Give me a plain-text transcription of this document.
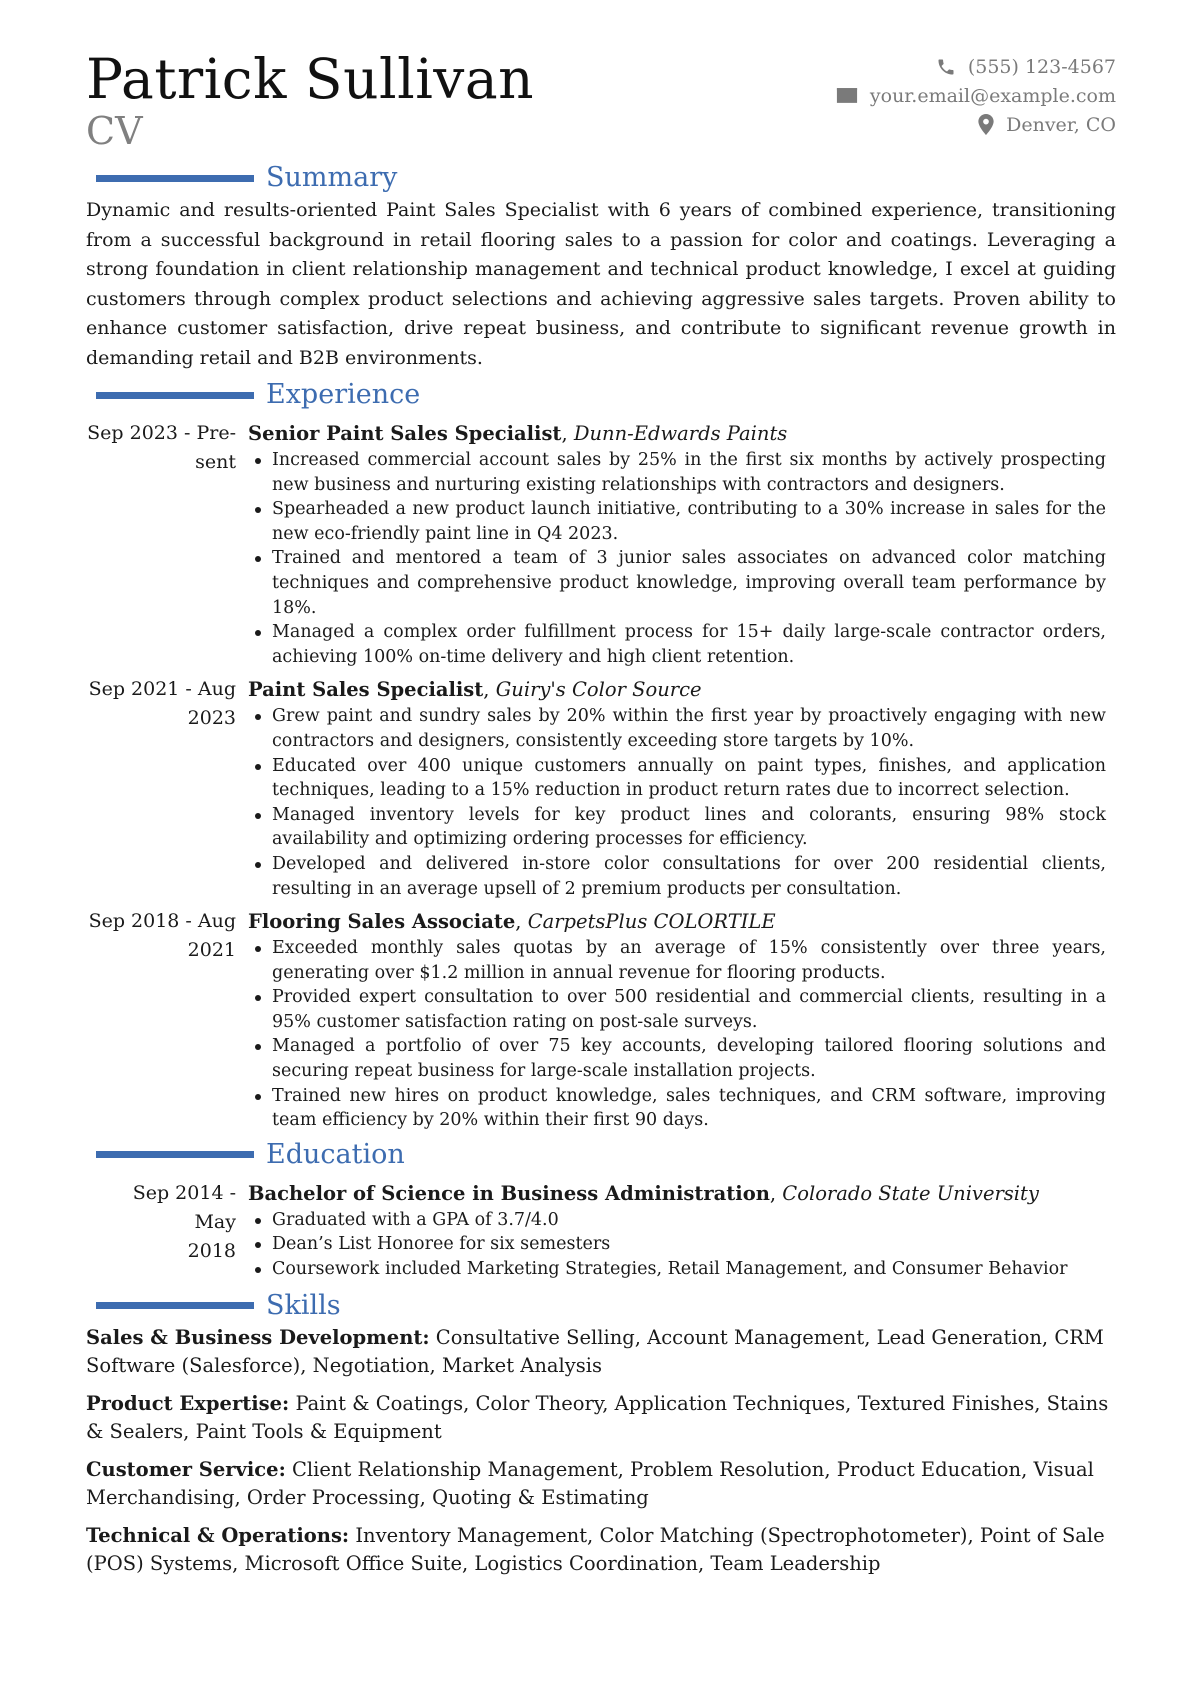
Patrick Sullivan
CV
(555) 123-4567
your.email@example.com
Denver, CO
Summary

Dynamic and results-oriented Paint Sales Specialist with 6 years of combined experience, transitioning from a successful background in retail flooring sales to a passion for color and coatings. Leveraging a strong foundation in client relationship management and technical product knowledge, I excel at guiding customers through complex product selections and achieving aggressive sales targets. Proven ability to enhance customer satisfaction, drive repeat business, and contribute to significant revenue growth in demanding retail and B2B environments.

Experience
Sep 2023 - Pre-
sent
Senior Paint Sales Specialist, Dunn-Edwards Paints
Increased commercial account sales by 25% in the first six months by actively prospecting new business and nurturing existing relationships with contractors and designers.
Spearheaded a new product launch initiative, contributing to a 30% increase in sales for the new eco-friendly paint line in Q4 2023.
Trained and mentored a team of 3 junior sales associates on advanced color matching techniques and comprehensive product knowledge, improving overall team performance by 18%.
Managed a complex order fulfillment process for 15+ daily large-scale contractor orders, achieving 100% on-time delivery and high client retention.
Sep 2021 - Aug
2023
Paint Sales Specialist, Guiry's Color Source
Grew paint and sundry sales by 20% within the first year by proactively engaging with new contractors and designers, consistently exceeding store targets by 10%.
Educated over 400 unique customers annually on paint types, finishes, and application techniques, leading to a 15% reduction in product return rates due to incorrect selection.
Managed inventory levels for key product lines and colorants, ensuring 98% stock availability and optimizing ordering processes for efficiency.
Developed and delivered in-store color consultations for over 200 residential clients, resulting in an average upsell of 2 premium products per consultation.
Sep 2018 - Aug
2021
Flooring Sales Associate, CarpetsPlus COLORTILE
Exceeded monthly sales quotas by an average of 15% consistently over three years, generating over $1.2 million in annual revenue for flooring products.
Provided expert consultation to over 500 residential and commercial clients, resulting in a 95% customer satisfaction rating on post-sale surveys.
Managed a portfolio of over 75 key accounts, developing tailored flooring solutions and securing repeat business for large-scale installation projects.
Trained new hires on product knowledge, sales techniques, and CRM software, improving team efficiency by 20% within their first 90 days.
Education
Sep 2014 - May
2018
Bachelor of Science in Business Administration, Colorado State University
Graduated with a GPA of 3.7/4.0
Dean’s List Honoree for six semesters
Coursework included Marketing Strategies, Retail Management, and Consumer Behavior
Skills
Sales & Business Development: Consultative Selling, Account Management, Lead Generation, CRM Software (Salesforce), Negotiation, Market Analysis
Product Expertise: Paint & Coatings, Color Theory, Application Techniques, Textured Finishes, Stains & Sealers, Paint Tools & Equipment
Customer Service: Client Relationship Management, Problem Resolution, Product Education, Visual Merchandising, Order Processing, Quoting & Estimating
Technical & Operations: Inventory Management, Color Matching (Spectrophotometer), Point of Sale (POS) Systems, Microsoft Office Suite, Logistics Coordination, Team Leadership
